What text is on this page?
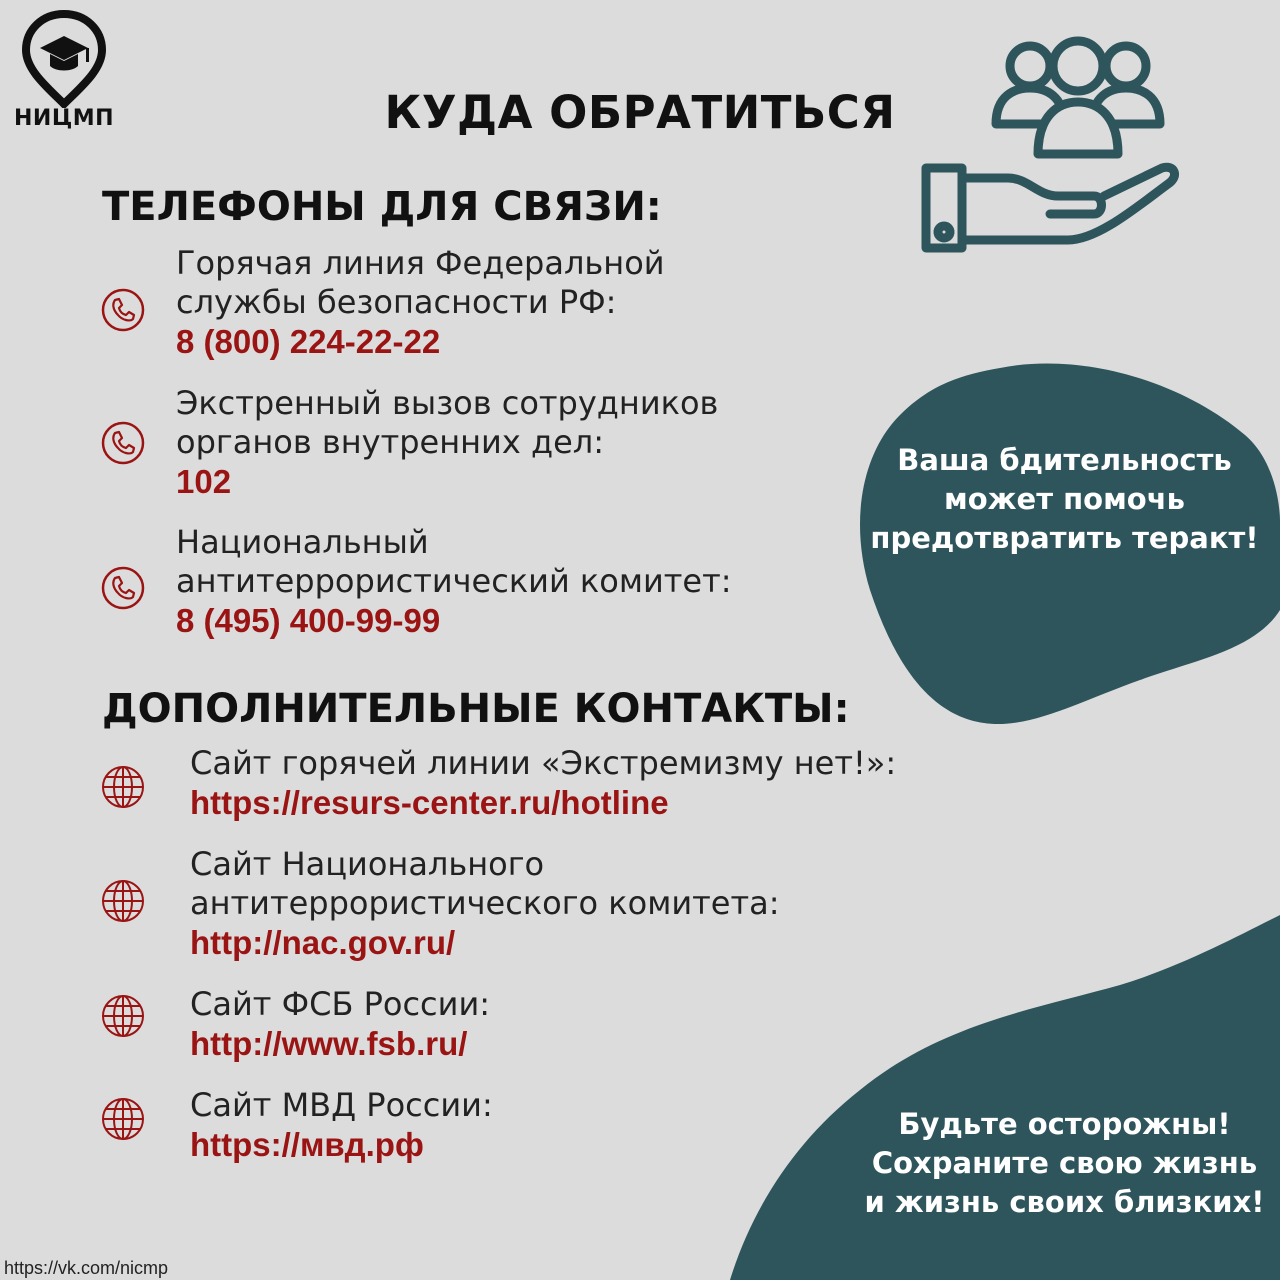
НИЦМП	КУДА ОБРАТИТЬСЯ
ТЕЛЕФОНЫ ДЛЯ СВЯЗИ:
Горячая линия Федеральной
службы безопасности РФ:
8 (800) 224-22-22
Экстренный вызов сотрудников
органов внутренних дел:
102
Национальный
антитеррористический комитет:
8 (495) 400-99-99
ДОПОЛНИТЕЛЬНЫЕ КОНТАКТЫ:
Сайт горячей линии «Экстремизму нет!»:
https://resurs-center.ru/hotline
Сайт Национального
антитеррористического комитета:
http://nac.gov.ru/
Сайт ФСБ России:
http://www.fsb.ru/
Сайт МВД России:
https://мвд.рф
Ваша бдительность
может помочь
предотвратить теракт!
Будьте осторожны!
Сохраните свою жизнь
и жизнь своих близких!
https://vk.com/nicmp
